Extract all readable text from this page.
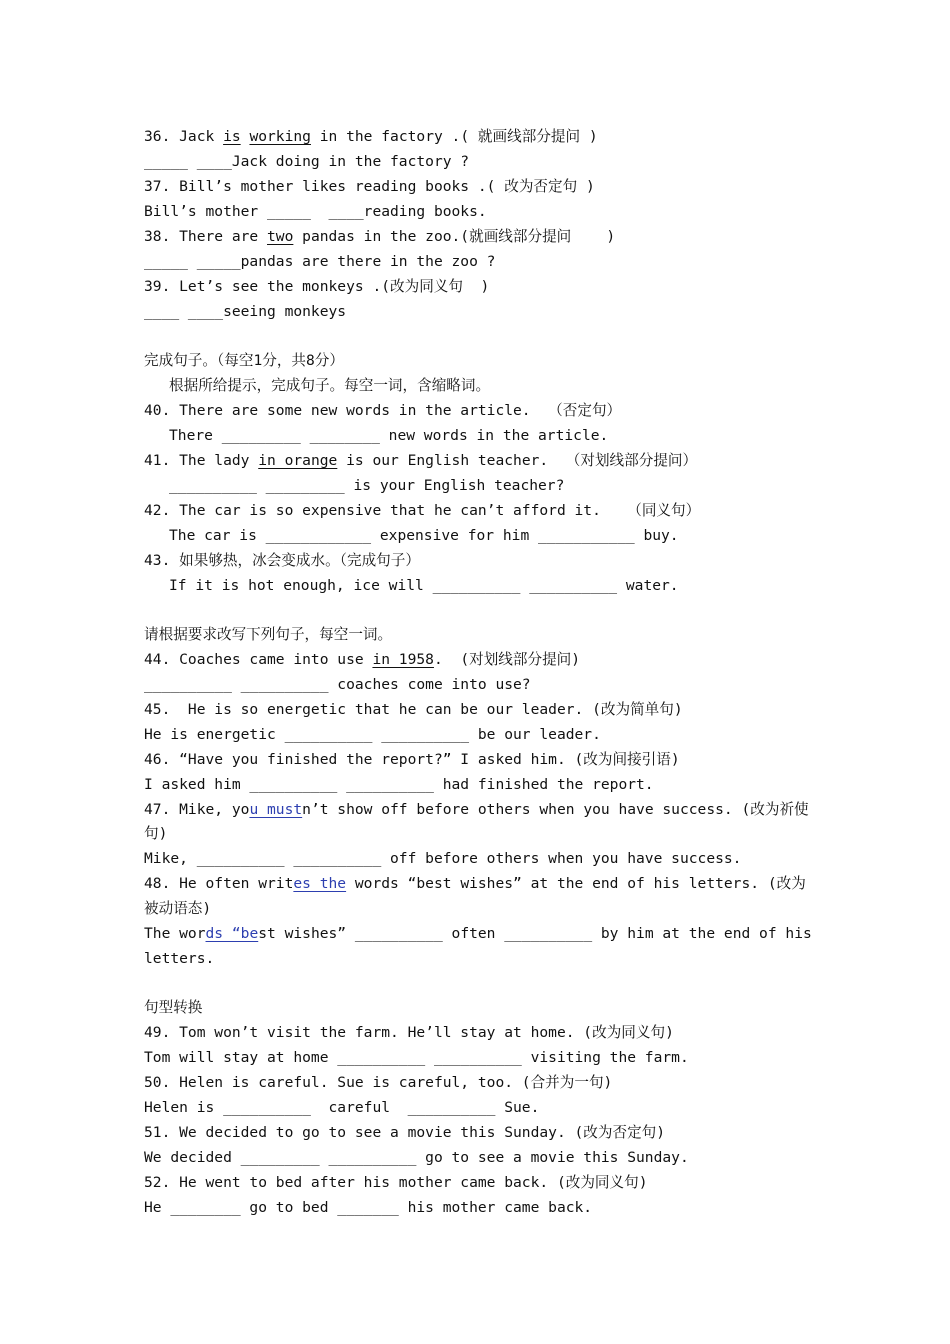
36. Jack is working in the factory .( 就画线部分提问 )
_____ ____Jack doing in the factory ?
37. Bill’s mother likes reading books .( 改为否定句 )
Bill’s mother _____  ____reading books.
38. There are two pandas in the zoo.(就画线部分提问    )
_____ _____pandas are there in the zoo ?
39. Let’s see the monkeys .(改为同义句  )
____ ____seeing monkeys
完成句子。（每空1分，共8分）
根据所给提示，完成句子。每空一词，含缩略词。
40. There are some new words in the article.  （否定句）
There _________ ________ new words in the article.
41. The lady in orange is our English teacher.  （对划线部分提问）
__________ _________ is your English teacher?
42. The car is so expensive that he can’t afford it.   （同义句）
The car is ____________ expensive for him ___________ buy.
43. 如果够热，冰会变成水。（完成句子）
If it is hot enough, ice will __________ __________ water.
请根据要求改写下列句子，每空一词。
44. Coaches came into use in 1958.  (对划线部分提问)
__________ __________ coaches come into use?
45.  He is so energetic that he can be our leader. (改为简单句)
He is energetic __________ __________ be our leader.
46. “Have you finished the report?” I asked him. (改为间接引语)
I asked him __________ __________ had finished the report.
47. Mike, you mustn’t show off before others when you have success. (改为祈使
句)
Mike, __________ __________ off before others when you have success.
48. He often writes the words “best wishes” at the end of his letters. (改为
被动语态)
The words “best wishes” __________ often __________ by him at the end of his
letters.
句型转换
49. Tom won’t visit the farm. He’ll stay at home. (改为同义句)
Tom will stay at home __________ __________ visiting the farm.
50. Helen is careful. Sue is careful, too. (合并为一句)
Helen is __________  careful  __________ Sue.
51. We decided to go to see a movie this Sunday. (改为否定句)
We decided _________ __________ go to see a movie this Sunday.
52. He went to bed after his mother came back. (改为同义句)
He ________ go to bed _______ his mother came back.
